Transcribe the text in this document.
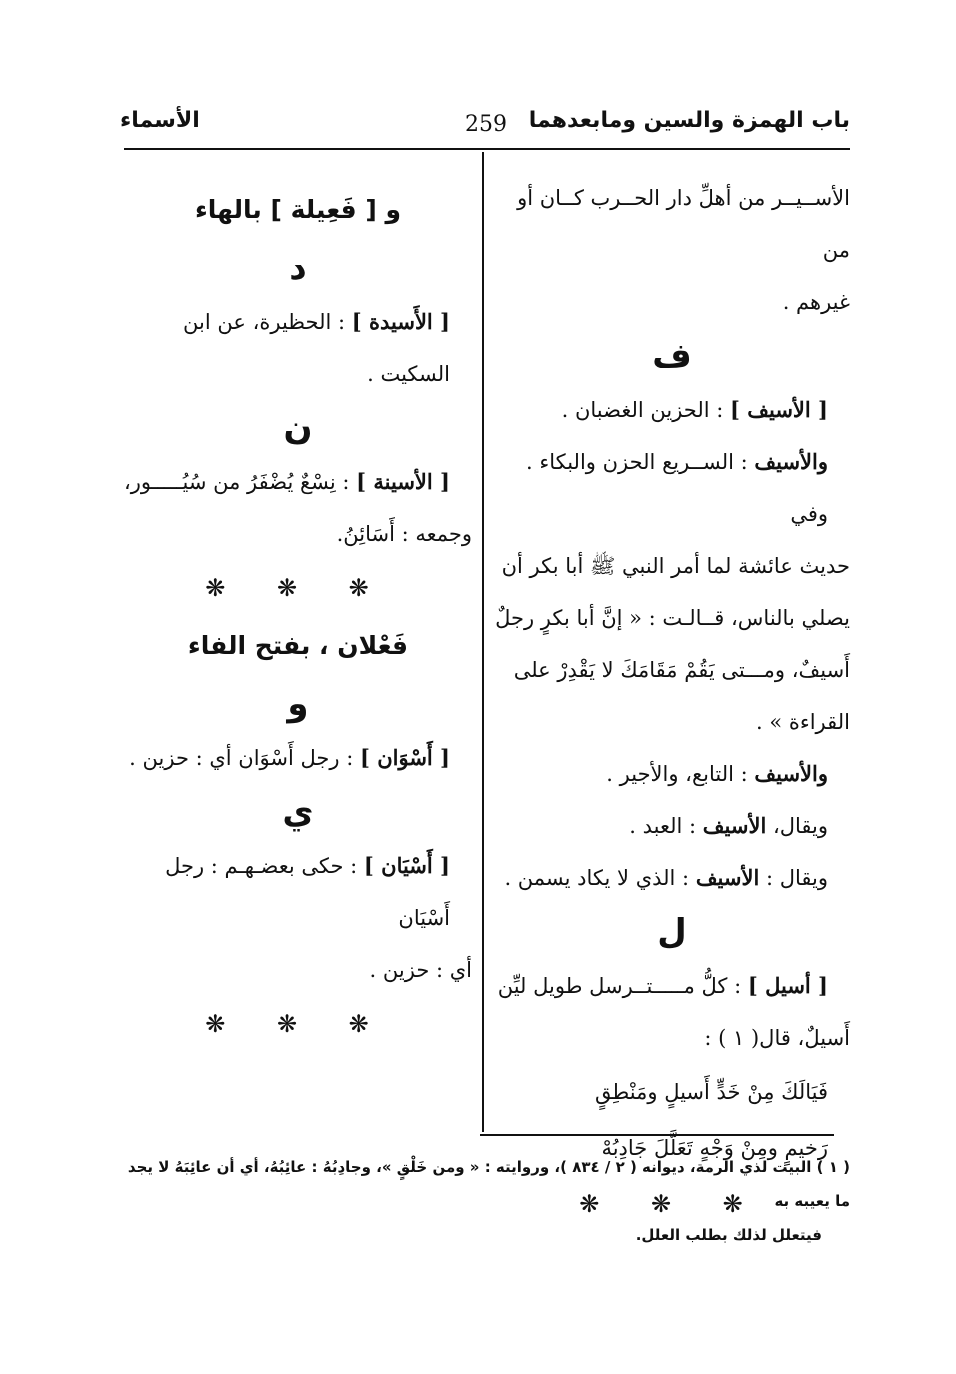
باب الهمزة والسين ومابعدهما
259
الأسماء

الأســيــر من أهلِّ دار الحــرب كــان أو من

غيرهم .

ف

[ الأسيف ] : الحزين الغضبان .

والأسيف : الســريع الحزن والبكاء . وفي

حديث عائشة لما أمر النبي ﷺ أبا بكر أن

يصلي بالناس، قــالـت : « إنَّ أبا بكرٍ رجلٌ

أَسيفٌ، ومـــتى يَقُمْ مَقَامَكَ لا يَقْدِرْ على

القراءة » .

والأسيف : التابع، والأجير .

ويقال، الأسيف : العبد .

ويقال : الأسيف : الذي لا يكاد يسمن .

ل

[ أسيل ] : كلُّ مـــــتــرسل طويل ليِّن

أَسيلٌ، قال( ١ ) :

فَيَالَكَ مِنْ خَدٍّ أَسيلٍ ومَنْطِقٍ

رَخيمٍ ومِنْ وَجْهٍ تَعَلَّلَ جَادِبُهْ

❋ ❋ ❋

و [ فَعِيلة ] بالهاء

د

[ الأَسيدة ] : الحظيرة، عن ابن السكيت .

ن

[ الأسينة ] : نِسْعٌ يُضْفَرُ من سُيُـــــور،

وجمعه : أَسَائِنُ.

❋ ❋ ❋

فَعْلان ، بفتح الفاء

و

[ أَسْوَان ] : رجل أَسْوَان أي : حزين .

ي

[ أَسْيَان ] : حكى بعضـهـم : رجل أَسْيَان

أي : حزين .

❋ ❋ ❋

( ١ ) البيت لذي الرمة، ديوانه ( ٢ / ٨٣٤ )، وروايته : « ومن خَلْقٍ »، وجادِبُهُ : عائِبُهُ، أي أن عائِبَهُ لا يجد ما يعيبه به
فيتعلل لذلك بطلب العلل.
